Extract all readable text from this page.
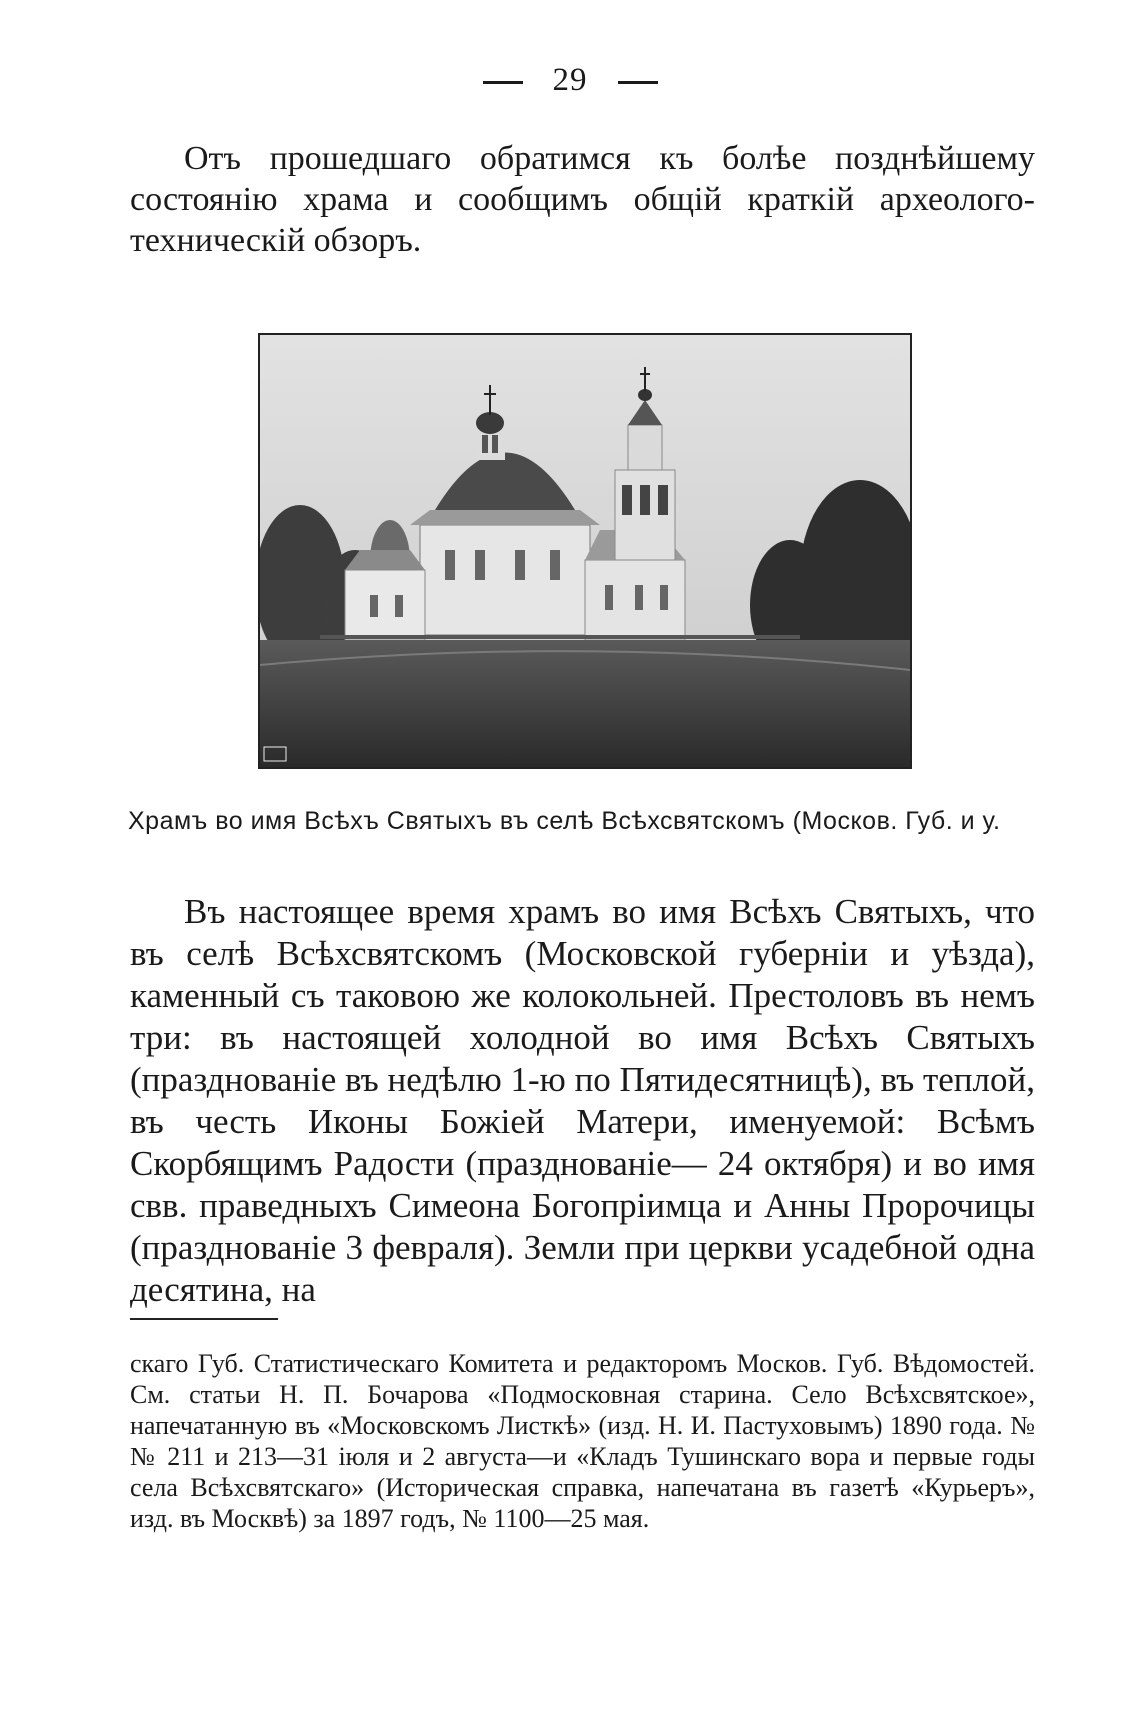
29
Отъ прошедшаго обратимся къ болѣе позднѣйшему состоянію храма и сообщимъ общій краткій археолого-техническій обзоръ.
Храмъ во имя Всѣхъ Святыхъ въ селѣ Всѣхсвятскомъ (Москов. Губ. и у.
Въ настоящее время храмъ во имя Всѣхъ Святыхъ, что въ селѣ Всѣхсвятскомъ (Московской губерніи и уѣзда), каменный съ таковою же колокольней. Престоловъ въ немъ три: въ настоящей холодной во имя Всѣхъ Святыхъ (празднованіе въ недѣлю 1-ю по Пятидесятницѣ), въ теплой, въ честь Иконы Божіей Матери, именуемой: Всѣмъ Скорбящимъ Радости (празднованіе— 24 октября) и во имя свв. праведныхъ Симеона Богопріимца и Анны Пророчицы (празднованіе 3 февраля). Земли при церкви усадебной одна десятина, на
скаго Губ. Статистическаго Комитета и редакторомъ Москов. Губ. Вѣдомостей. См. статьи Н. П. Бочарова «Подмосковная старина. Село Всѣхсвятское», напечатанную въ «Московскомъ Листкѣ» (изд. Н. И. Пастуховымъ) 1890 года. №№ 211 и 213—31 іюля и 2 августа—и «Кладъ Тушинскаго вора и первые годы села Всѣхсвятскаго» (Историческая справка, напечатана въ газетѣ «Курьеръ», изд. въ Москвѣ) за 1897 годъ, № 1100—25 мая.
